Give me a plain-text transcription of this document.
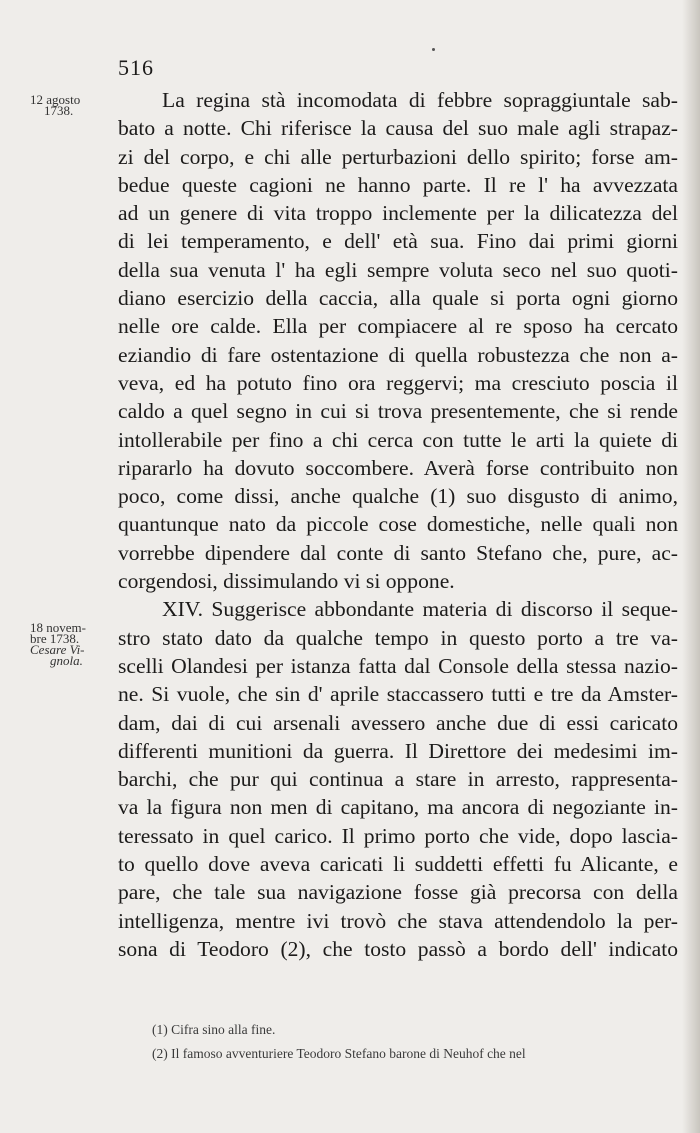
516
12 agosto
1738.
18 novem-
bre 1738.
Cesare Vi-
gnola.
La regina stà incomodata di febbre sopraggiuntale sab-
bato a notte. Chi riferisce la causa del suo male agli strapaz-
zi del corpo, e chi alle perturbazioni dello spirito; forse am-
bedue queste cagioni ne hanno parte. Il re l' ha avvezzata
ad un genere di vita troppo inclemente per la dilicatezza del
di lei temperamento, e dell' età sua. Fino dai primi giorni
della sua venuta l' ha egli sempre voluta seco nel suo quoti-
diano esercizio della caccia, alla quale si porta ogni giorno
nelle ore calde. Ella per compiacere al re sposo ha cercato
eziandio di fare ostentazione di quella robustezza che non a-
veva, ed ha potuto fino ora reggervi; ma cresciuto poscia il
caldo a quel segno in cui si trova presentemente, che si rende
intollerabile per fino a chi cerca con tutte le arti la quiete di
ripararlo ha dovuto soccombere. Averà forse contribuito non
poco, come dissi, anche qualche (1) suo disgusto di animo,
quantunque nato da piccole cose domestiche, nelle quali non
vorrebbe dipendere dal conte di santo Stefano che, pure, ac-
corgendosi, dissimulando vi si oppone.
XIV. Suggerisce abbondante materia di discorso il seque-
stro stato dato da qualche tempo in questo porto a tre va-
scelli Olandesi per istanza fatta dal Console della stessa nazio-
ne. Si vuole, che sin d' aprile staccassero tutti e tre da Amster-
dam, dai di cui arsenali avessero anche due di essi caricato
differenti munitioni da guerra. Il Direttore dei medesimi im-
barchi, che pur qui continua a stare in arresto, rappresenta-
va la figura non men di capitano, ma ancora di negoziante in-
teressato in quel carico. Il primo porto che vide, dopo lascia-
to quello dove aveva caricati li suddetti effetti fu Alicante, e
pare, che tale sua navigazione fosse già precorsa con della
intelligenza, mentre ivi trovò che stava attendendolo la per-
sona di Teodoro (2), che tosto passò a bordo dell' indicato
(1) Cifra sino alla fine.
(2) Il famoso avventuriere Teodoro Stefano barone di Neuhof che nel
